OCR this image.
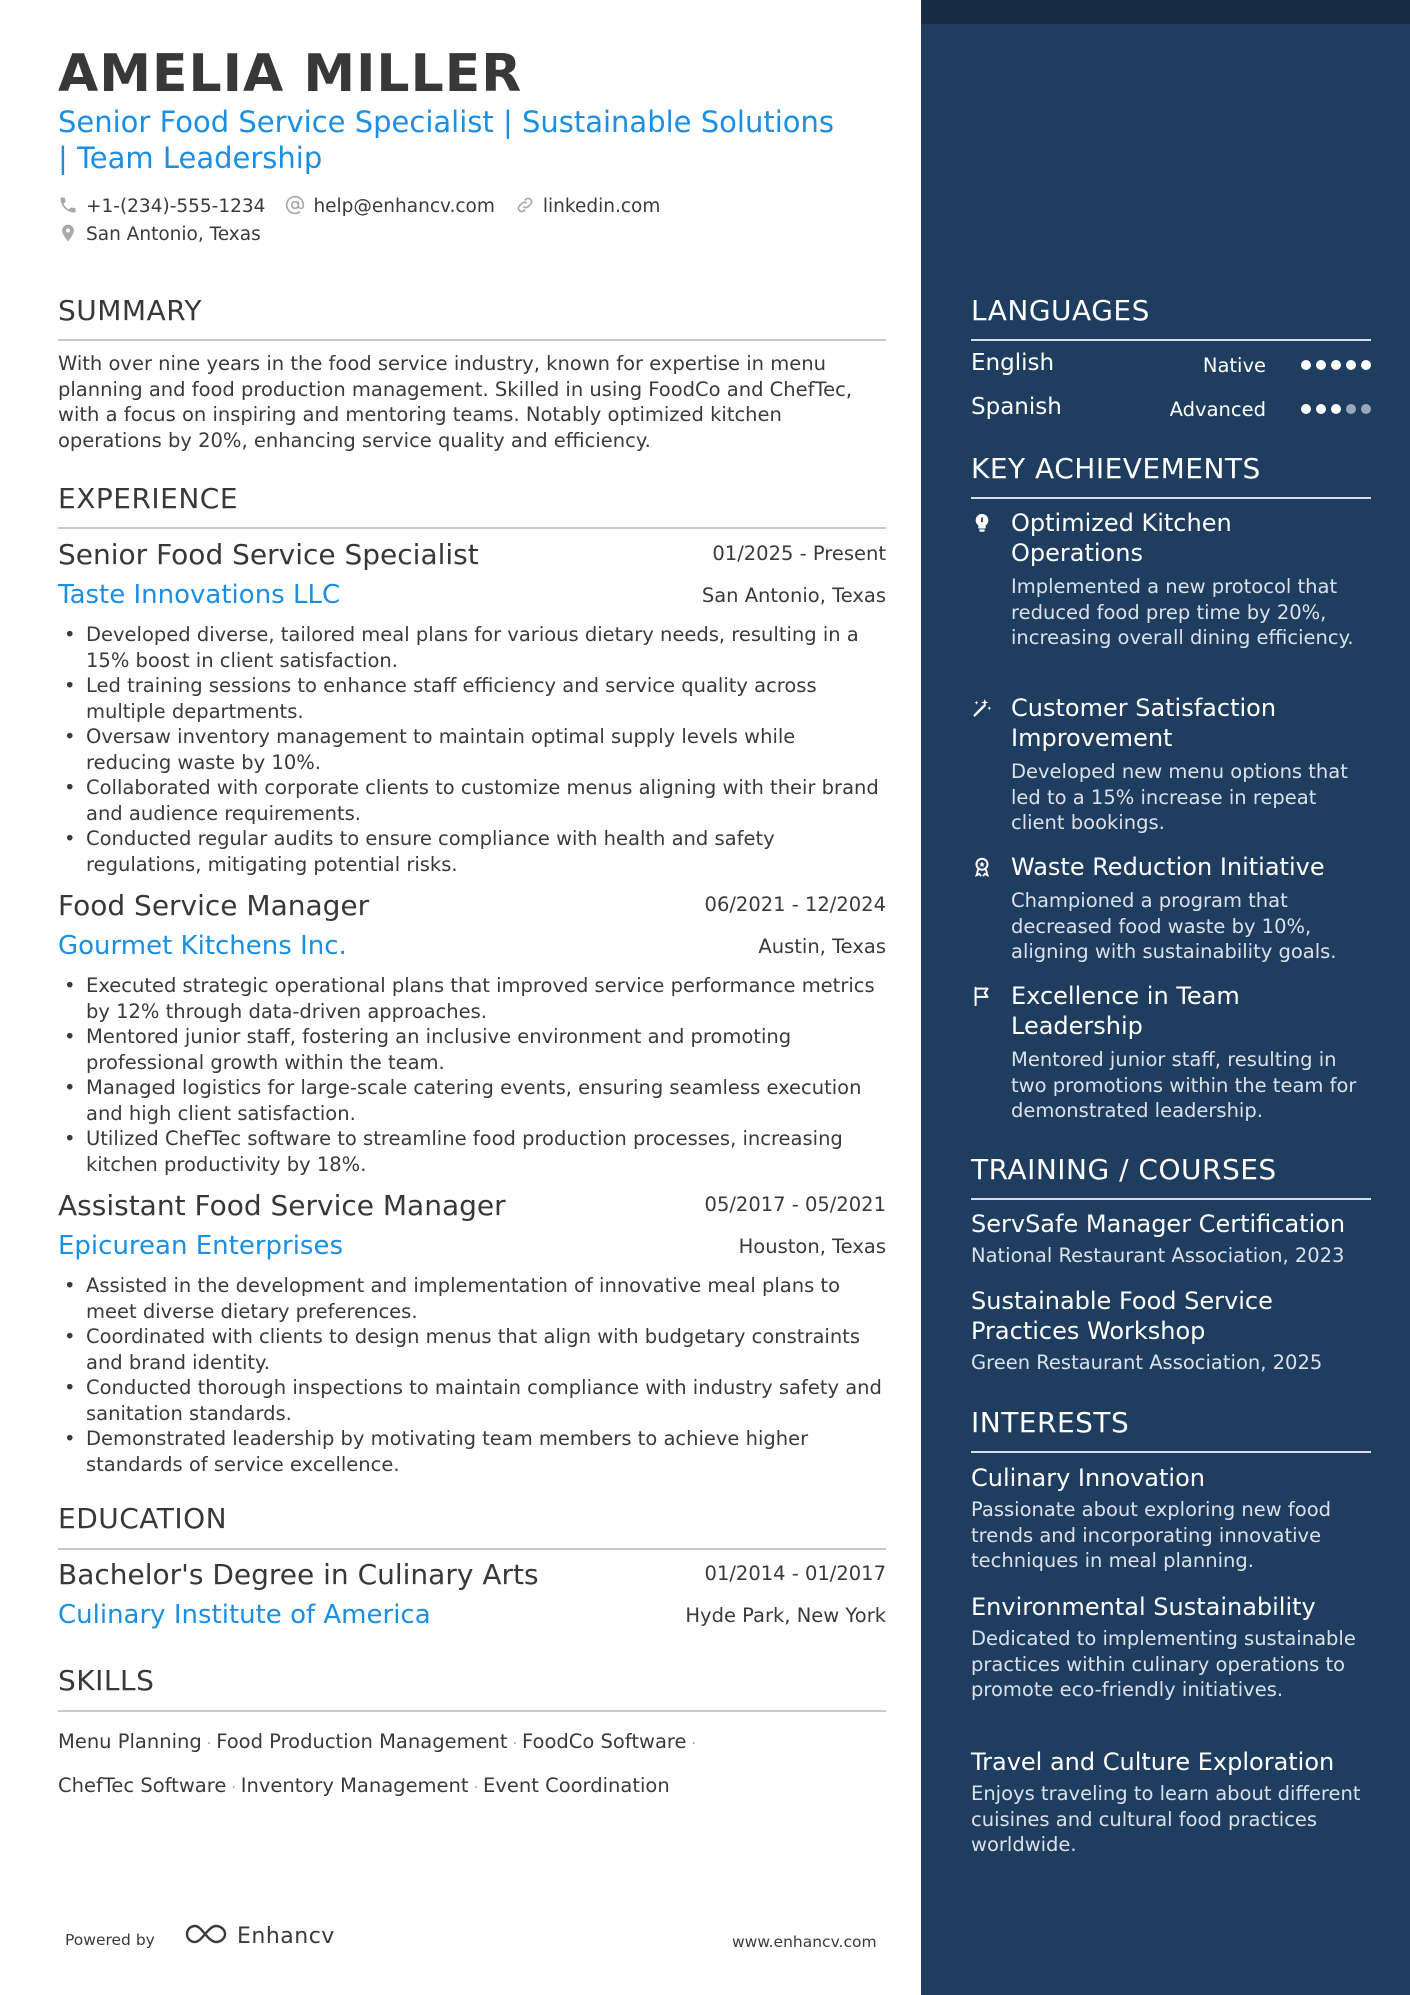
AMELIA MILLER
Senior Food Service Specialist | Sustainable Solutions | Team Leadership
+1-(234)-555-1234	help@enhancv.com	linkedin.com
San Antonio, Texas
SUMMARY
With over nine years in the food service industry, known for expertise in menu planning and food production management. Skilled in using FoodCo and ChefTec, with a focus on inspiring and mentoring teams. Notably optimized kitchen operations by 20%, enhancing service quality and efficiency.
EXPERIENCE
Senior Food Service Specialist	01/2025 - Present
Taste Innovations LLC	San Antonio, Texas
• Developed diverse, tailored meal plans for various dietary needs, resulting in a 15% boost in client satisfaction.
• Led training sessions to enhance staff efficiency and service quality across multiple departments.
• Oversaw inventory management to maintain optimal supply levels while reducing waste by 10%.
• Collaborated with corporate clients to customize menus aligning with their brand and audience requirements.
• Conducted regular audits to ensure compliance with health and safety regulations, mitigating potential risks.
Food Service Manager	06/2021 - 12/2024
Gourmet Kitchens Inc.	Austin, Texas
• Executed strategic operational plans that improved service performance metrics by 12% through data-driven approaches.
• Mentored junior staff, fostering an inclusive environment and promoting professional growth within the team.
• Managed logistics for large-scale catering events, ensuring seamless execution and high client satisfaction.
• Utilized ChefTec software to streamline food production processes, increasing kitchen productivity by 18%.
Assistant Food Service Manager	05/2017 - 05/2021
Epicurean Enterprises	Houston, Texas
• Assisted in the development and implementation of innovative meal plans to meet diverse dietary preferences.
• Coordinated with clients to design menus that align with budgetary constraints and brand identity.
• Conducted thorough inspections to maintain compliance with industry safety and sanitation standards.
• Demonstrated leadership by motivating team members to achieve higher standards of service excellence.
EDUCATION
Bachelor's Degree in Culinary Arts	01/2014 - 01/2017
Culinary Institute of America	Hyde Park, New York
SKILLS
Menu Planning · Food Production Management · FoodCo Software ·
ChefTec Software · Inventory Management · Event Coordination
Powered by	Enhancv	www.enhancv.com
LANGUAGES
English	Native
Spanish	Advanced
KEY ACHIEVEMENTS
Optimized Kitchen Operations
Implemented a new protocol that reduced food prep time by 20%, increasing overall dining efficiency.
Customer Satisfaction Improvement
Developed new menu options that led to a 15% increase in repeat client bookings.
Waste Reduction Initiative
Championed a program that decreased food waste by 10%, aligning with sustainability goals.
Excellence in Team Leadership
Mentored junior staff, resulting in two promotions within the team for demonstrated leadership.
TRAINING / COURSES
ServSafe Manager Certification
National Restaurant Association, 2023
Sustainable Food Service Practices Workshop
Green Restaurant Association, 2025
INTERESTS
Culinary Innovation
Passionate about exploring new food trends and incorporating innovative techniques in meal planning.
Environmental Sustainability
Dedicated to implementing sustainable practices within culinary operations to promote eco-friendly initiatives.
Travel and Culture Exploration
Enjoys traveling to learn about different cuisines and cultural food practices worldwide.
